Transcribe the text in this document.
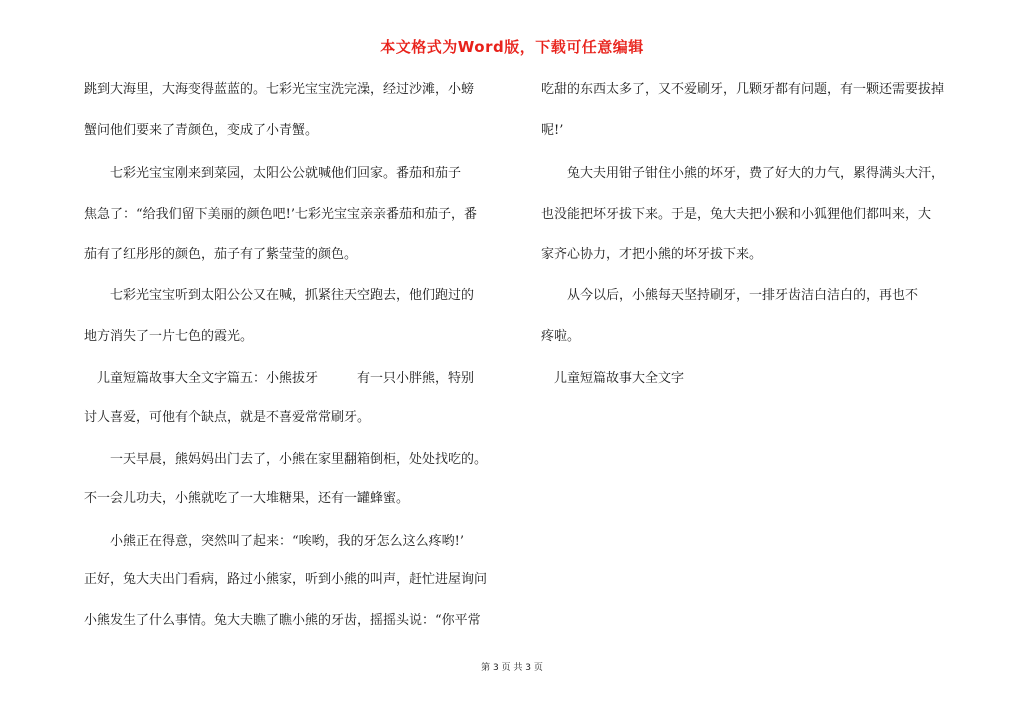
本文格式为Word版，下载可任意编辑
跳到大海里，大海变得蓝蓝的。七彩光宝宝洗完澡，经过沙滩，小螃
蟹问他们要来了青颜色，变成了小青蟹。
　　七彩光宝宝刚来到菜园，太阳公公就喊他们回家。番茄和茄子
焦急了：“给我们留下美丽的颜色吧!’七彩光宝宝亲亲番茄和茄子，番
茄有了红彤彤的颜色，茄子有了紫莹莹的颜色。
　　七彩光宝宝听到太阳公公又在喊，抓紧往天空跑去，他们跑过的
地方消失了一片七色的霞光。
　儿童短篇故事大全文字篇五：小熊拔牙　　　有一只小胖熊，特别
讨人喜爱，可他有个缺点，就是不喜爱常常刷牙。
　　一天早晨，熊妈妈出门去了，小熊在家里翻箱倒柜，处处找吃的。
不一会儿功夫，小熊就吃了一大堆糖果，还有一罐蜂蜜。
　　小熊正在得意，突然叫了起来：“唉哟，我的牙怎么这么疼哟!’
正好，兔大夫出门看病，路过小熊家，听到小熊的叫声，赶忙进屋询问
小熊发生了什么事情。兔大夫瞧了瞧小熊的牙齿，摇摇头说：“你平常
吃甜的东西太多了，又不爱刷牙，几颗牙都有问题，有一颗还需要拔掉
呢!’
　　兔大夫用钳子钳住小熊的坏牙，费了好大的力气，累得满头大汗，
也没能把坏牙拔下来。于是，兔大夫把小猴和小狐狸他们都叫来，大
家齐心协力，才把小熊的坏牙拔下来。
　　从今以后，小熊每天坚持刷牙，一排牙齿洁白洁白的，再也不
疼啦。
　儿童短篇故事大全文字
第 3 页 共 3 页
